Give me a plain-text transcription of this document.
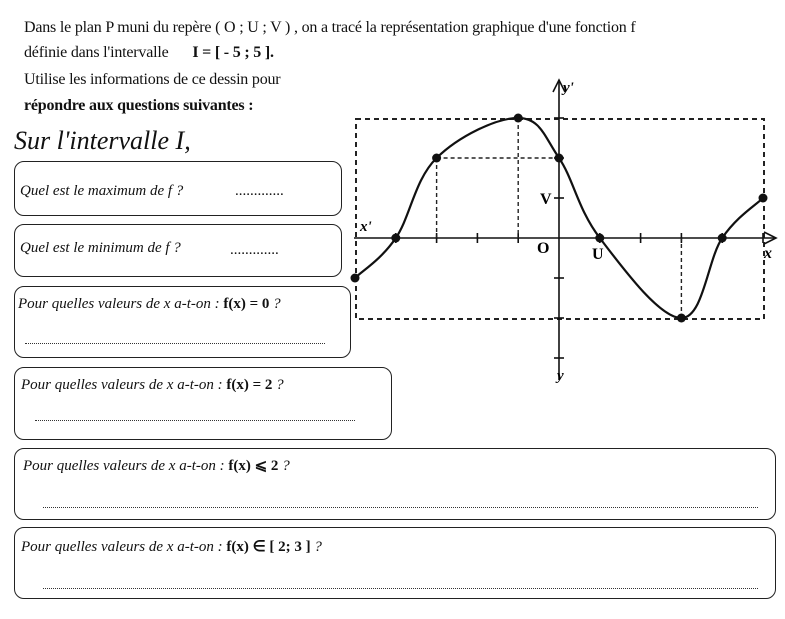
Dans le plan P muni du repère ( O ; U ; V ) , on a tracé la représentation graphique d'une fonction f
définie dans l'intervalle I = [ - 5 ; 5 ].
Utilise les informations de ce dessin pour
répondre aux questions suivantes :
Sur l'intervalle I,
Quel est le maximum de f ?	.............
Quel est le minimum de f ?	.............
Pour quelles valeurs de x a-t-on : f(x) = 0 ?
Pour quelles valeurs de x a-t-on : f(x) = 2 ?
Pour quelles valeurs de x a-t-on : f(x) ⩽ 2 ?
Pour quelles valeurs de x a-t-on : f(x) ∈ [ 2; 3 ] ?
x'
x
y'
y
O	U
V
